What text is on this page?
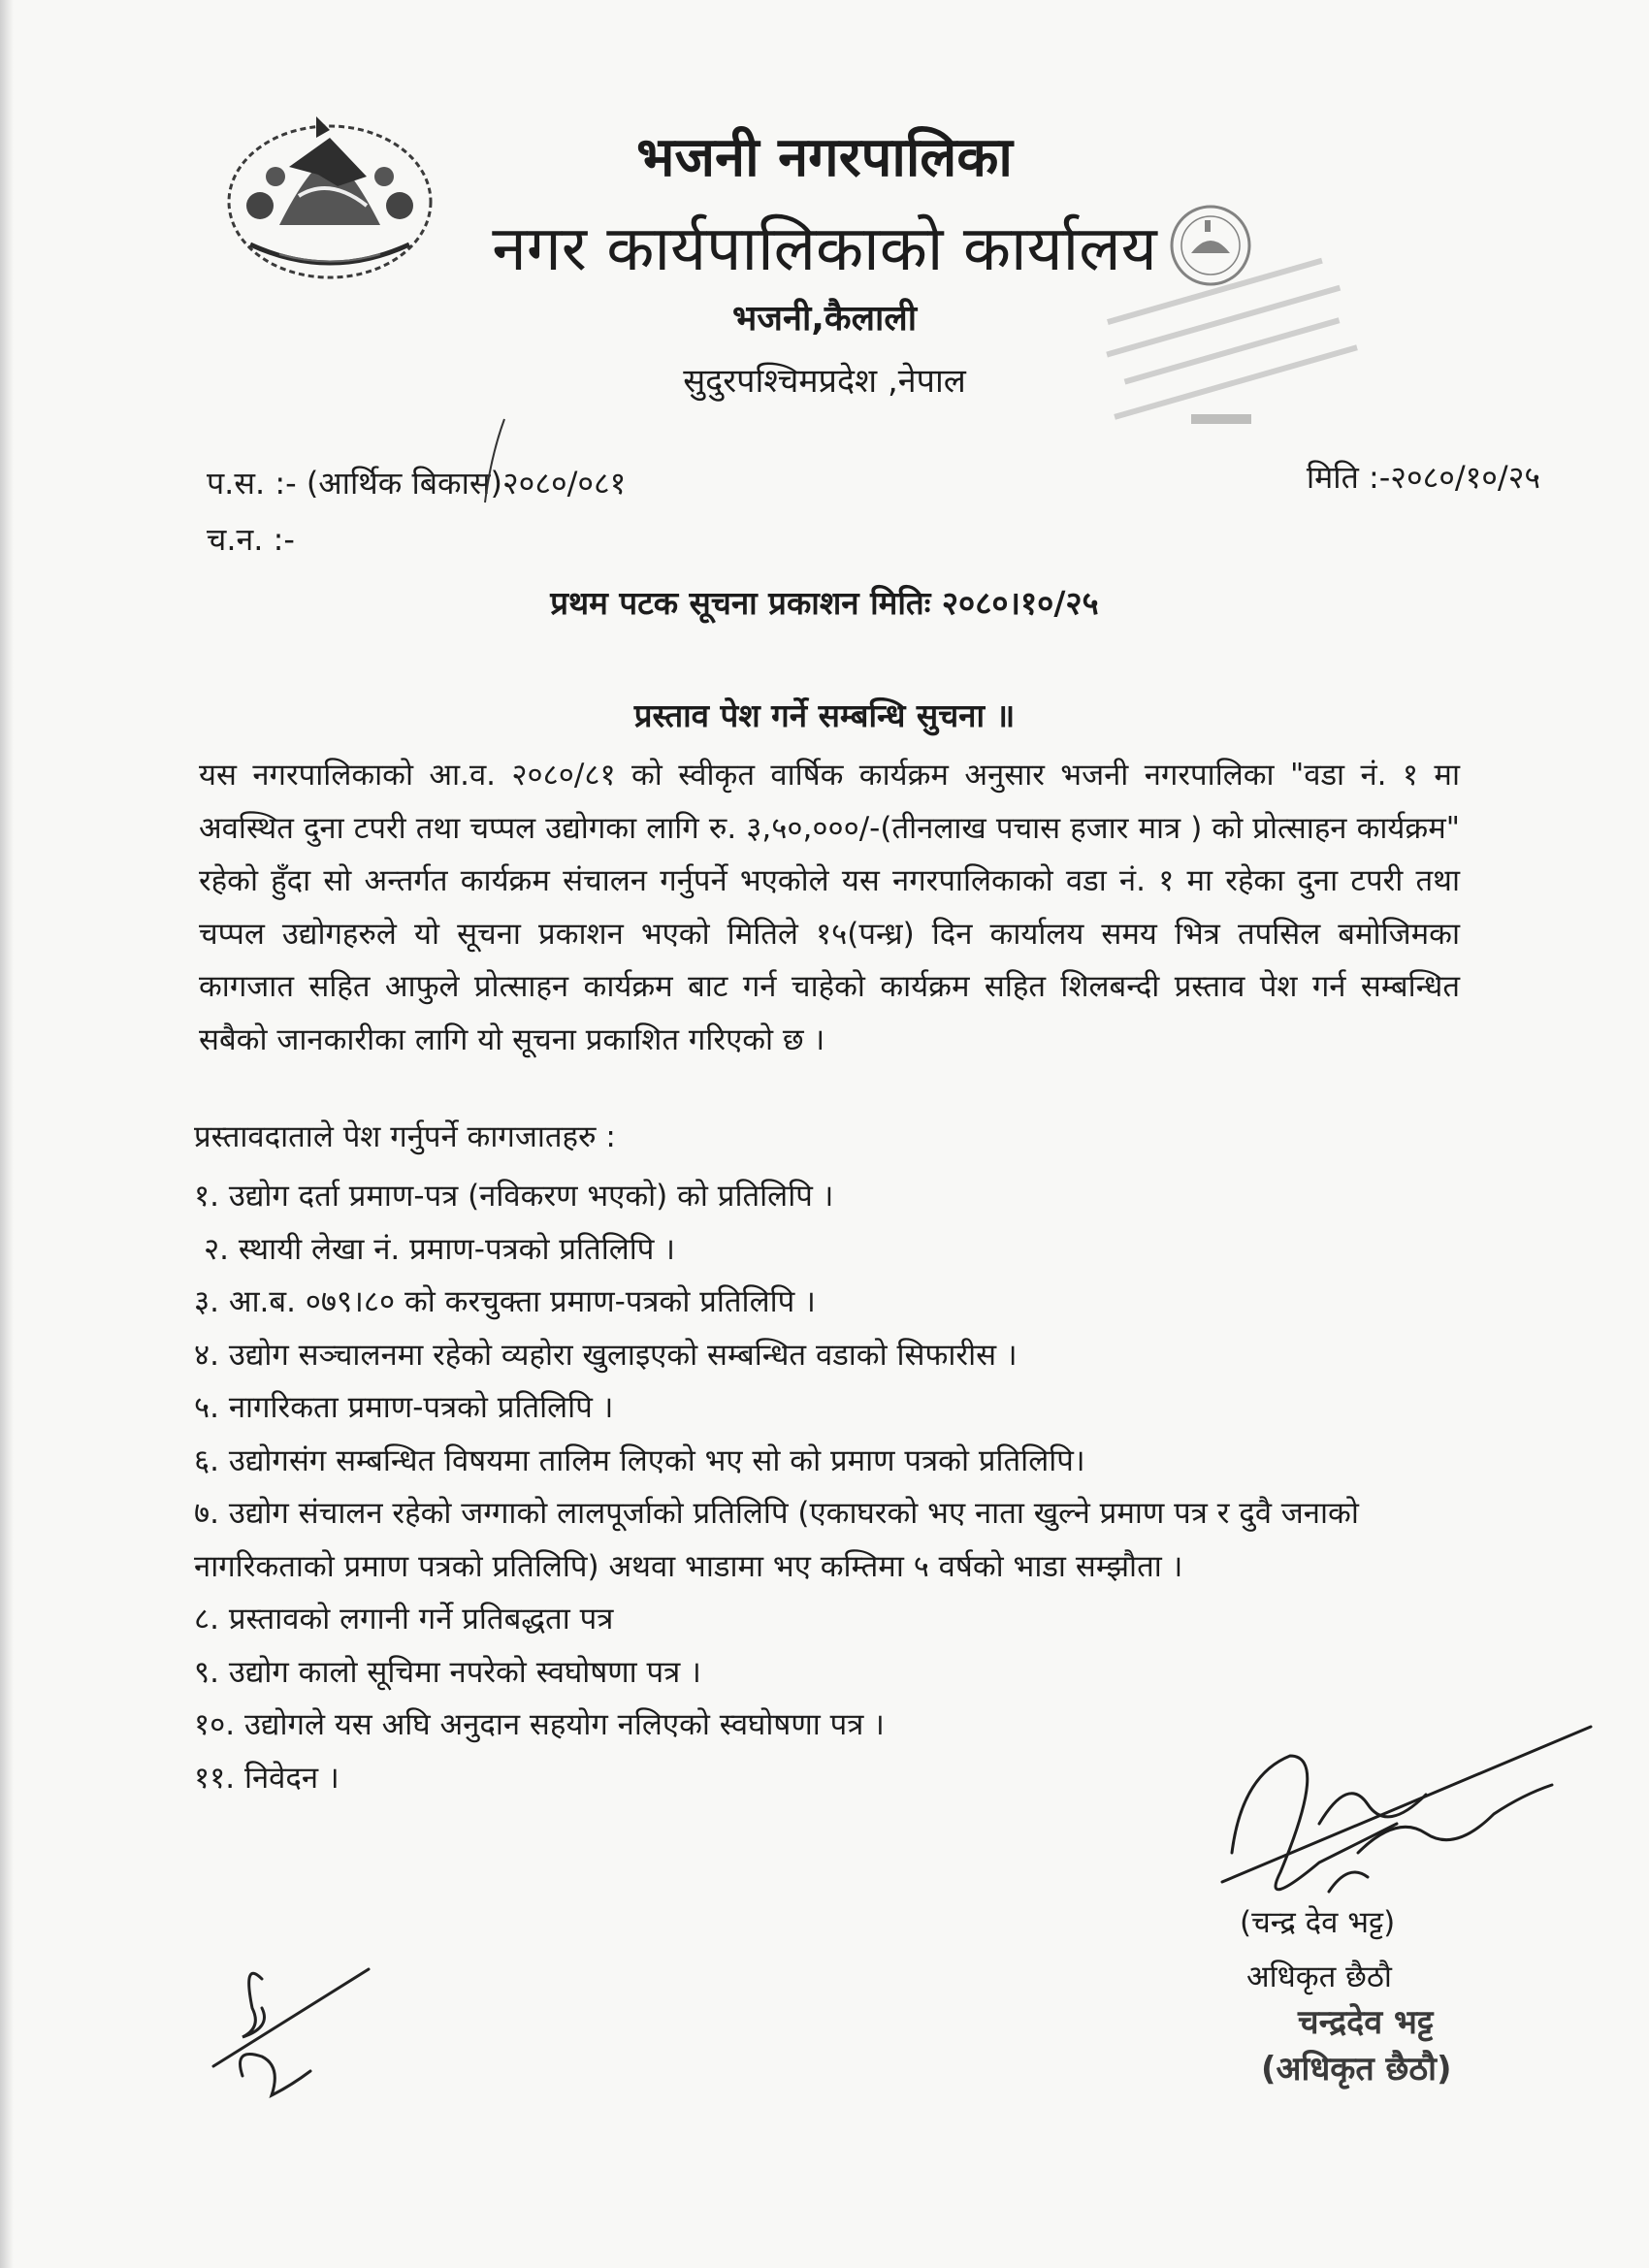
भजनी नगरपालिका
नगर कार्यपालिकाको कार्यालय
भजनी,कैलाली
सुदुरपश्चिमप्रदेश ,नेपाल
प.स. :- (आर्थिक बिकास)२०८०/०८१	मिति :-२०८०/१०/२५
च.न. :-
प्रथम पटक सूचना प्रकाशन मितिः २०८०।१०/२५
प्रस्ताव पेश गर्ने सम्बन्धि सुचना ॥
यस नगरपालिकाको आ.व. २०८०/८१ को स्वीकृत वार्षिक कार्यक्रम अनुसार भजनी नगरपालिका "वडा नं. १ मा अवस्थित दुना टपरी तथा चप्पल उद्योगका लागि रु. ३,५०,०००/-(तीनलाख पचास हजार मात्र ) को प्रोत्साहन कार्यक्रम" रहेको हुँदा सो अन्तर्गत कार्यक्रम संचालन गर्नुपर्ने भएकोले यस नगरपालिकाको वडा नं. १ मा रहेका दुना टपरी तथा चप्पल उद्योगहरुले यो सूचना प्रकाशन भएको मितिले १५(पन्ध्र) दिन कार्यालय समय भित्र तपसिल बमोजिमका कागजात सहित आफुले प्रोत्साहन कार्यक्रम बाट गर्न चाहेको कार्यक्रम सहित शिलबन्दी प्रस्ताव पेश गर्न सम्बन्धित सबैको जानकारीका लागि यो सूचना प्रकाशित गरिएको छ ।
प्रस्तावदाताले पेश गर्नुपर्ने कागजातहरु :
१. उद्योग दर्ता प्रमाण-पत्र (नविकरण भएको) को प्रतिलिपि ।
२. स्थायी लेखा नं. प्रमाण-पत्रको प्रतिलिपि ।
३. आ.ब. ०७९।८० को करचुक्ता प्रमाण-पत्रको प्रतिलिपि ।
४. उद्योग सञ्चालनमा रहेको व्यहोरा खुलाइएको सम्बन्धित वडाको सिफारीस ।
५. नागरिकता प्रमाण-पत्रको प्रतिलिपि ।
६. उद्योगसंग सम्बन्धित विषयमा तालिम लिएको भए सो को प्रमाण पत्रको प्रतिलिपि।
७. उद्योग संचालन रहेको जग्गाको लालपूर्जाको प्रतिलिपि (एकाघरको भए नाता खुल्ने प्रमाण पत्र र दुवै जनाको नागरिकताको प्रमाण पत्रको प्रतिलिपि) अथवा भाडामा भए कम्तिमा ५ वर्षको भाडा सम्झौता ।
८. प्रस्तावको लगानी गर्ने प्रतिबद्धता पत्र
९. उद्योग कालो सूचिमा नपरेको स्वघोषणा पत्र ।
१०. उद्योगले यस अघि अनुदान सहयोग नलिएको स्वघोषणा पत्र ।
११. निवेदन ।
(चन्द्र देव भट्ट)
अधिकृत छैठौ
चन्द्रदेव भट्ट
(अधिकृत छैठौ)
